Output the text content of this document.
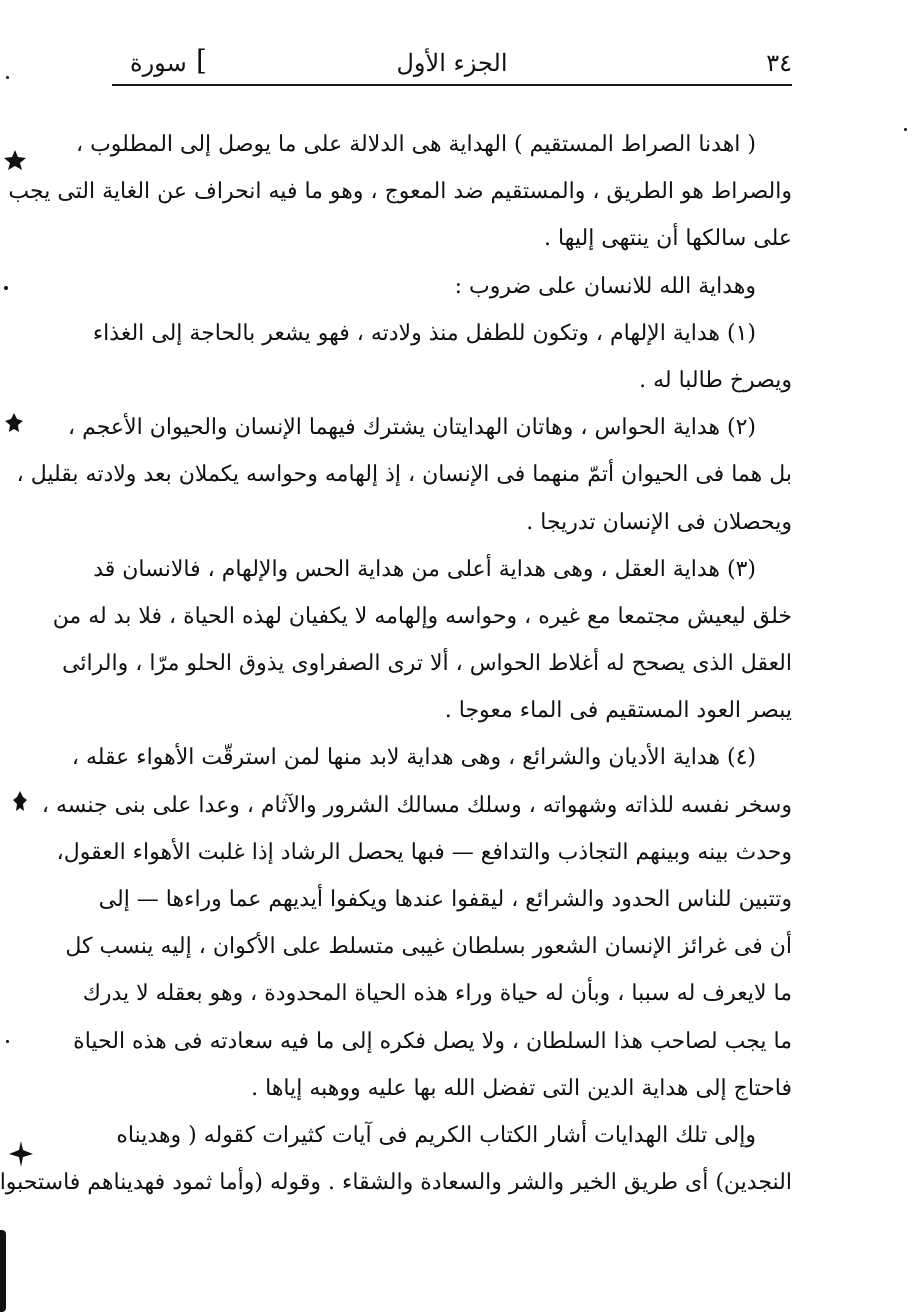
٣٤
الجزء الأول
[
سورة
( اهدنا الصراط المستقيم ) الهداية هى الدلالة على ما يوصل إلى المطلوب ،
والصراط هو الطريق ، والمستقيم ضد المعوج ، وهو ما فيه انحراف عن الغاية التى يجب
على سالكها أن ينتهى إليها .
وهداية الله للانسان على ضروب :
(١) هداية الإلهام ، وتكون للطفل منذ ولادته ، فهو يشعر بالحاجة إلى الغذاء
ويصرخ طالبا له .
(٢) هداية الحواس ، وهاتان الهدايتان يشترك فيهما الإنسان والحيوان الأعجم ،
بل هما فى الحيوان أتمّ منهما فى الإنسان ، إذ إلهامه وحواسه يكملان بعد ولادته بقليل ،
ويحصلان فى الإنسان تدريجا .
(٣) هداية العقل ، وهى هداية أعلى من هداية الحس والإلهام ، فالانسان قد
خلق ليعيش مجتمعا مع غيره ، وحواسه وإلهامه لا يكفيان لهذه الحياة ، فلا بد له من
العقل الذى يصحح له أغلاط الحواس ، ألا ترى الصفراوى يذوق الحلو مرّا ، والرائى
يبصر العود المستقيم فى الماء معوجا .
(٤) هداية الأديان والشرائع ، وهى هداية لابد منها لمن استرقّت الأهواء عقله ،
وسخر نفسه للذاته وشهواته ، وسلك مسالك الشرور والآثام ، وعدا على بنى جنسه ،
وحدث بينه وبينهم التجاذب والتدافع — فبها يحصل الرشاد إذا غلبت الأهواء العقول،
وتتبين للناس الحدود والشرائع ، ليقفوا عندها ويكفوا أيديهم عما وراءها — إلى
أن فى غرائز الإنسان الشعور بسلطان غيبى متسلط على الأكوان ، إليه ينسب كل
ما لايعرف له سببا ، وبأن له حياة وراء هذه الحياة المحدودة ، وهو بعقله لا يدرك
ما يجب لصاحب هذا السلطان ، ولا يصل فكره إلى ما فيه سعادته فى هذه الحياة
فاحتاج إلى هداية الدين التى تفضل الله بها عليه ووهبه إياها .
وإلى تلك الهدايات أشار الكتاب الكريم فى آيات كثيرات كقوله ( وهديناه
النجدين) أى طريق الخير والشر والسعادة والشقاء . وقوله (وأما ثمود فهديناهم فاستحبوا
